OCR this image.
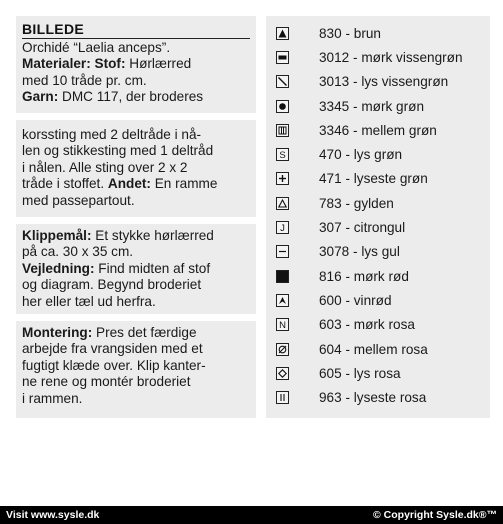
BILLEDE
Orchidé “Laelia anceps”.
Materialer: Stof: Hørlærred
med 10 tråde pr. cm.
Garn: DMC 117, der broderes
korssting med 2 deltråde i nå-
len og stikkesting med 1 deltråd
i nålen. Alle sting over 2 x 2
tråde i stoffet. Andet: En ramme
med passepartout.
Klippemål: Et stykke hørlærred
på ca. 30 x 35 cm.
Vejledning: Find midten af stof
og diagram. Begynd broderiet
her eller tæl ud herfra.
Montering: Pres det færdige
arbejde fra vrangsiden med et
fugtigt klæde over. Klip kanter-
ne rene og montér broderiet
i rammen.
830 - brun
3012 - mørk vissengrøn
3013 - lys vissengrøn
3345 - mørk grøn
3346 - mellem grøn
S 470 - lys grøn
471 - lyseste grøn
783 - gylden
J	307 - citrongul
3078 - lys gul
816 - mørk rød
600 - vinrød
N 603 - mørk rosa
604 - mellem rosa
605 - lys rosa
963 - lyseste rosa
Visit www.sysle.dk	© Copyright Sysle.dk®™
